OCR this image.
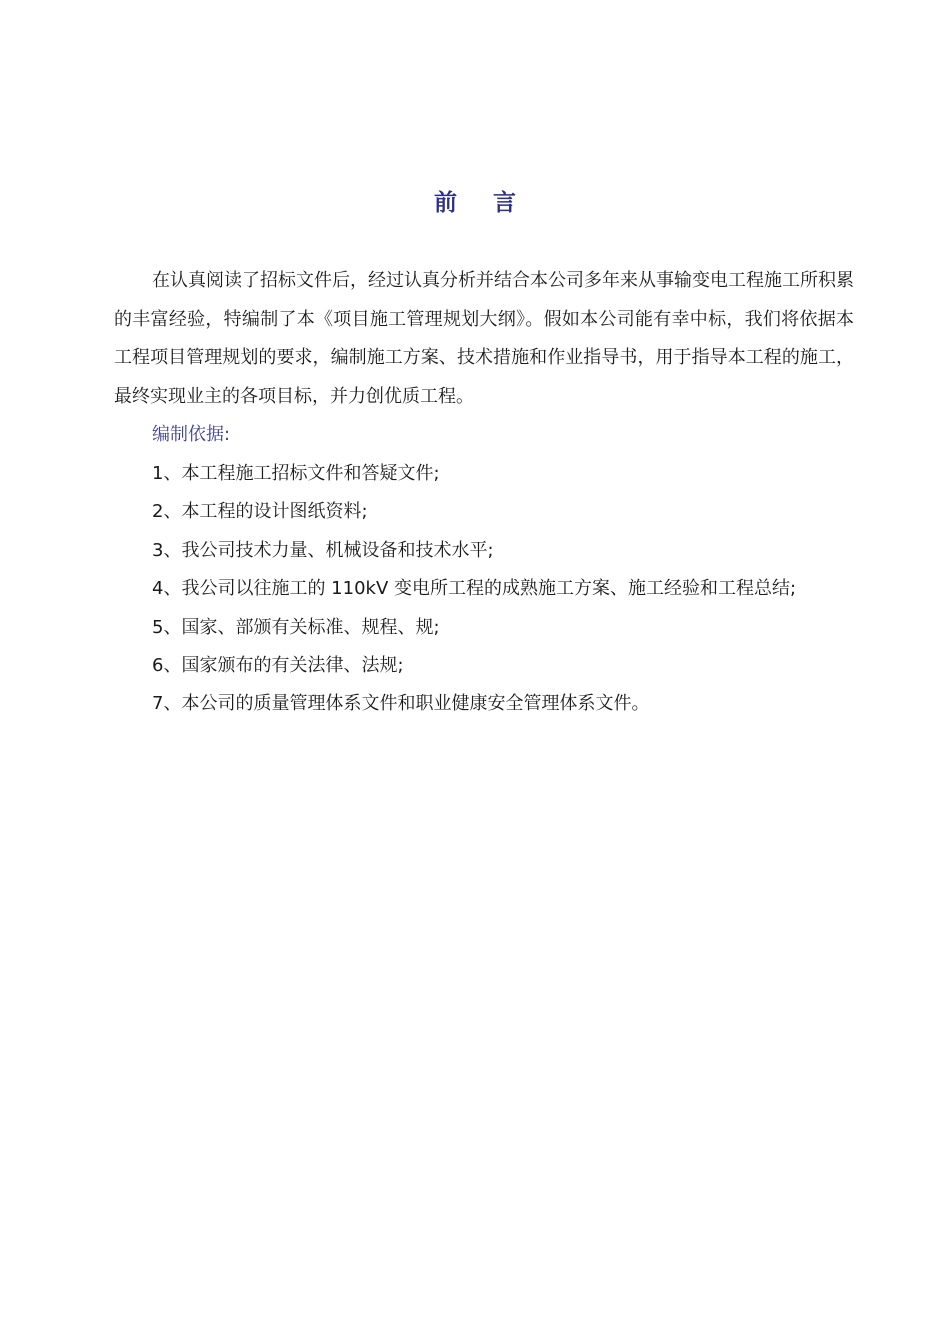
前 言

在认真阅读了招标文件后，经过认真分析并结合本公司多年来从事输变电工程施工所积累的丰富经验，特编制了本《项目施工管理规划大纲》。假如本公司能有幸中标，我们将依据本工程项目管理规划的要求，编制施工方案、技术措施和作业指导书，用于指导本工程的施工，最终实现业主的各项目标，并力创优质工程。

编制依据:

1、本工程施工招标文件和答疑文件;
2、本工程的设计图纸资料;
3、我公司技术力量、机械设备和技术水平;
4、我公司以往施工的 110kV 变电所工程的成熟施工方案、施工经验和工程总结;
5、国家、部颁有关标准、规程、规;
6、国家颁布的有关法律、法规;
7、本公司的质量管理体系文件和职业健康安全管理体系文件。
